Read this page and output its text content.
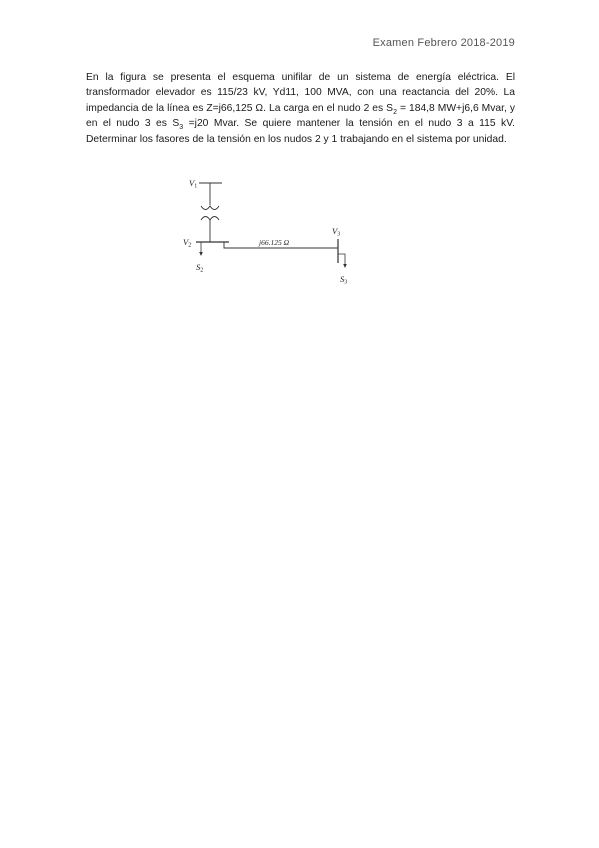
Examen Febrero 2018-2019

En la figura se presenta el esquema unifilar de un sistema de energía eléctrica. El transformador elevador es 115/23 kV, Yd11, 100 MVA, con una reactancia del 20%. La impedancia de la línea es Z=j66,125 Ω. La carga en el nudo 2 es $S_2 = 184,8$ MW+j6,6 Mvar, y en el nudo 3 es $S_3 =j20$ Mvar. Se quiere mantener la tensión en el nudo 3 a 115 kV. Determinar los fasores de la tensión en los nudos 2 y 1 trabajando en el sistema por unidad.

V1
V2
S2
V3
S3
j66.125 Ω
